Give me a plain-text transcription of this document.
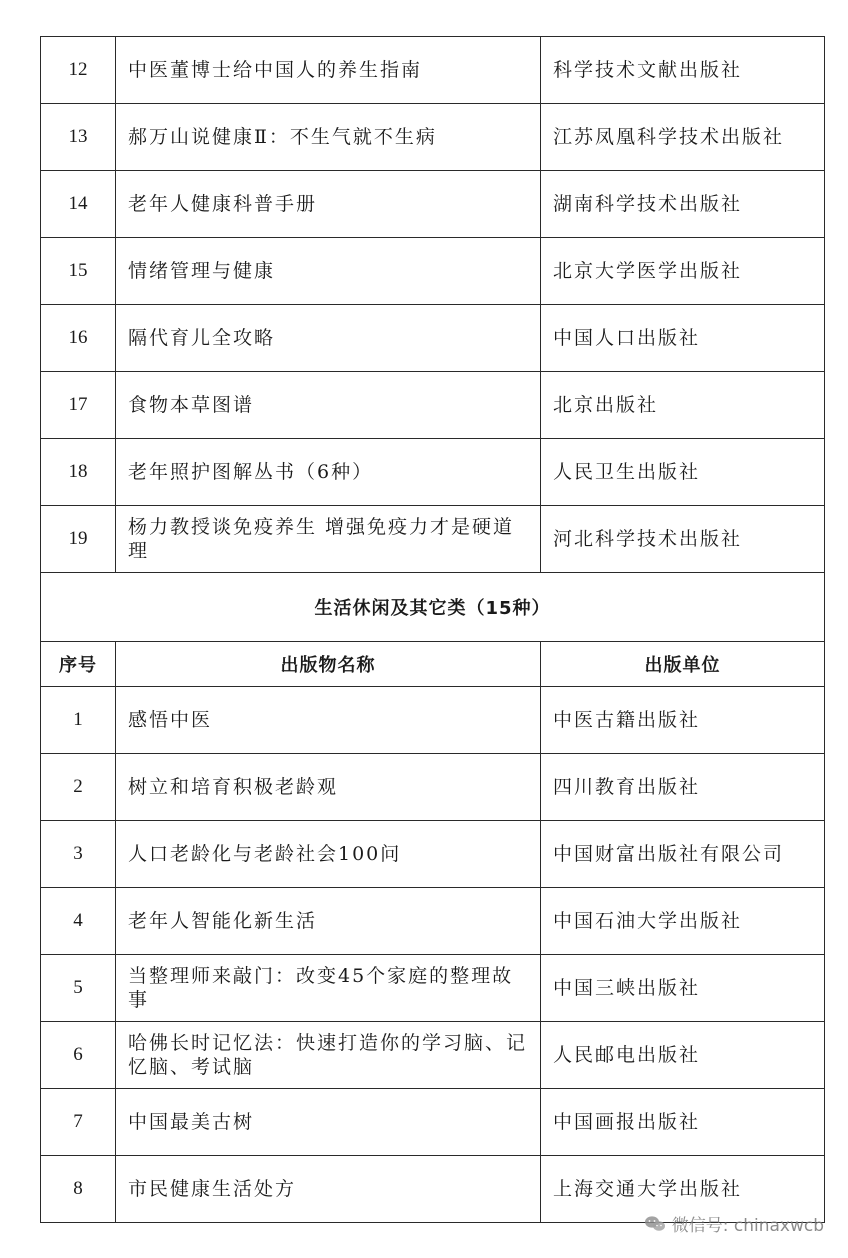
12	中医董博士给中国人的养生指南	科学技术文献出版社
13	郝万山说健康Ⅱ：不生气就不生病	江苏凤凰科学技术出版社
14	老年人健康科普手册	湖南科学技术出版社
15	情绪管理与健康	北京大学医学出版社
16	隔代育儿全攻略	中国人口出版社
17	食物本草图谱	北京出版社
18	老年照护图解丛书（6种）	人民卫生出版社
19	杨力教授谈免疫养生 增强免疫力才是硬道理	河北科学技术出版社
生活休闲及其它类（15种）		
序号	出版物名称	出版单位
1	感悟中医	中医古籍出版社
2	树立和培育积极老龄观	四川教育出版社
3	人口老龄化与老龄社会100问	中国财富出版社有限公司
4	老年人智能化新生活	中国石油大学出版社
5	当整理师来敲门：改变45个家庭的整理故事	中国三峡出版社
6	哈佛长时记忆法：快速打造你的学习脑、记忆脑、考试脑	人民邮电出版社
7	中国最美古树	中国画报出版社
8	市民健康生活处方	上海交通大学出版社
微信号: chinaxwcb
